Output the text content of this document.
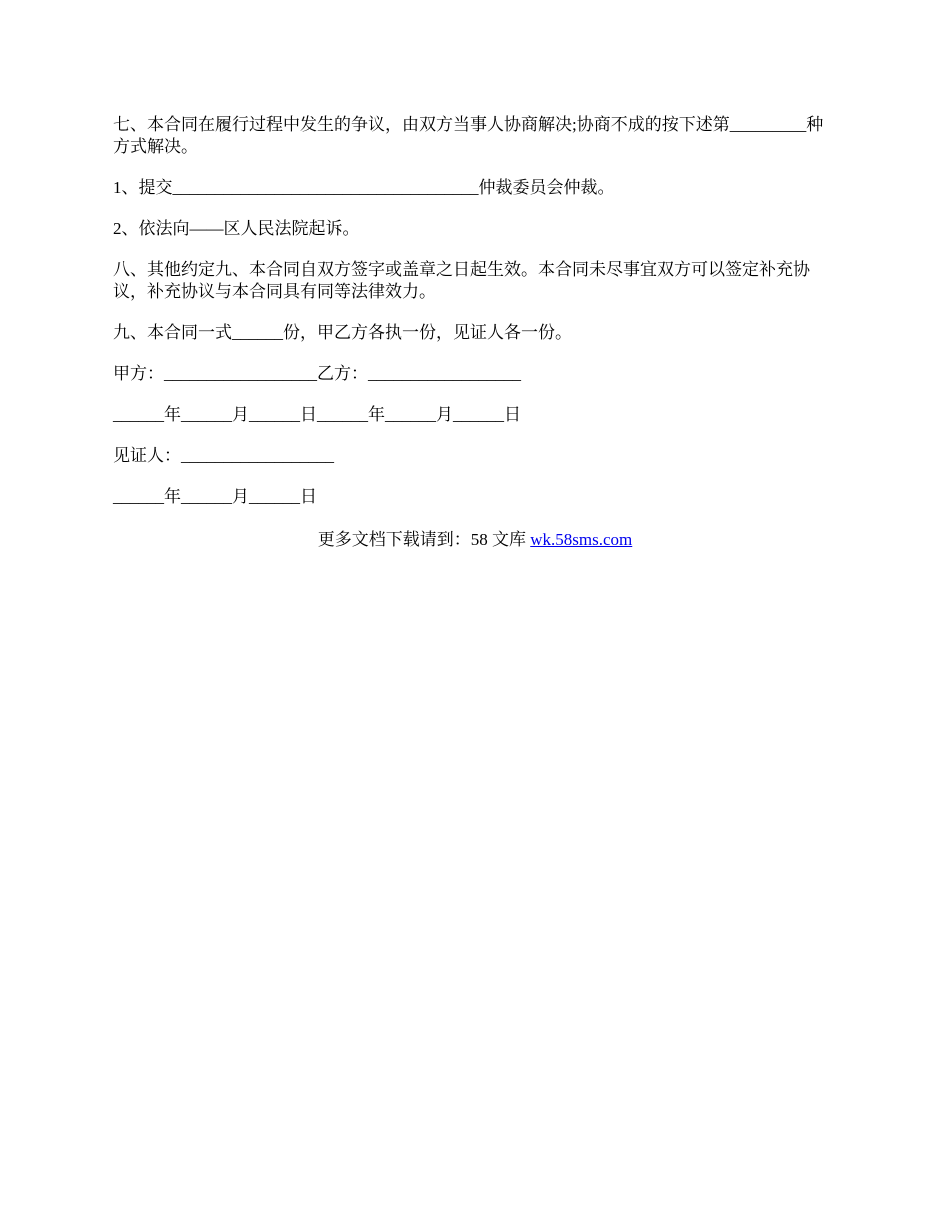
七、本合同在履行过程中发生的争议，由双方当事人协商解决;协商不成的按下述第_________种方式解决。

1、提交____________________________________仲裁委员会仲裁。

2、依法向——区人民法院起诉。

八、其他约定九、本合同自双方签字或盖章之日起生效。本合同未尽事宜双方可以签定补充协议，补充协议与本合同具有同等法律效力。

九、本合同一式______份，甲乙方各执一份，见证人各一份。

甲方：__________________乙方：__________________

______年______月______日______年______月______日

见证人：__________________

______年______月______日

更多文档下载请到：58 文库 wk.58sms.com
